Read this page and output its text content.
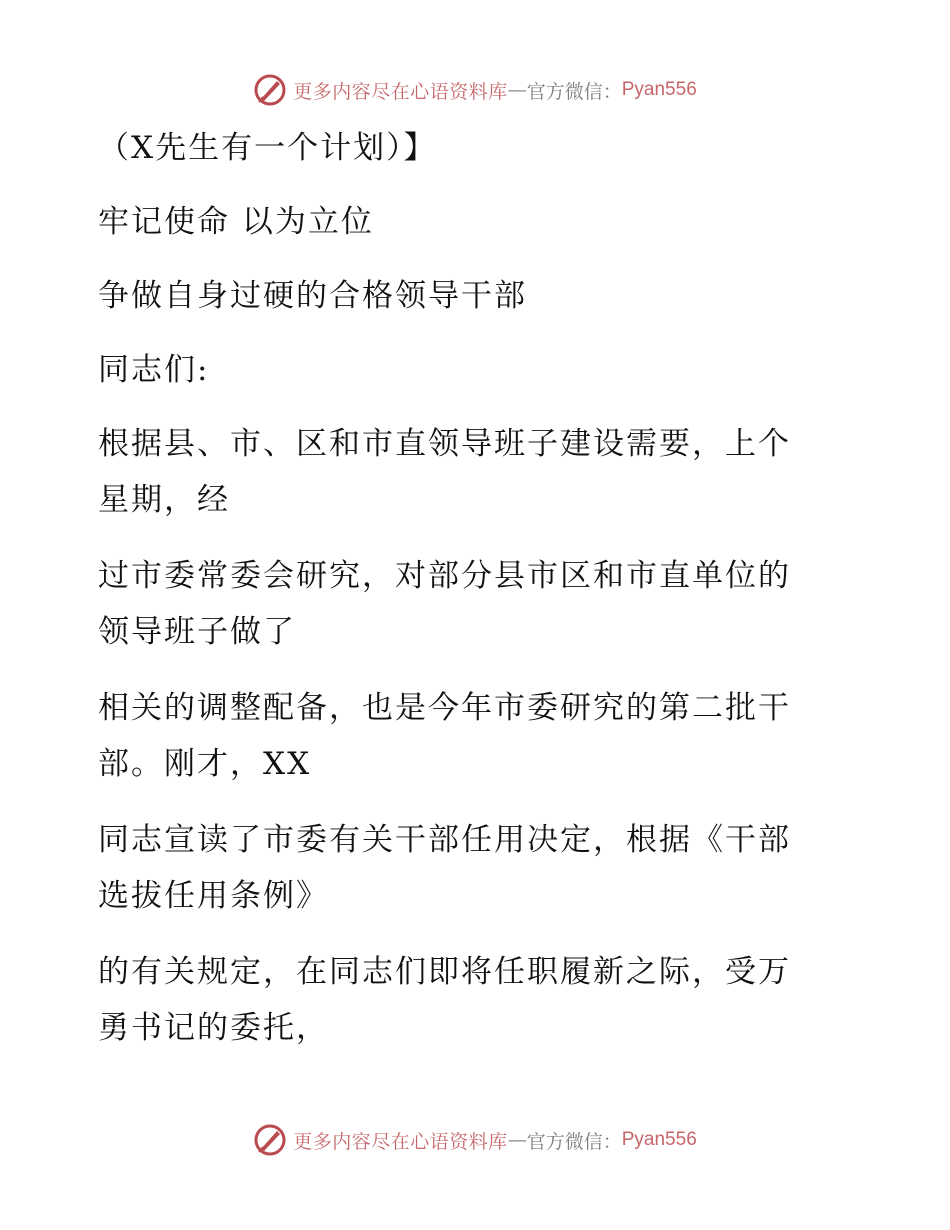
更多内容尽在心语资料库 — 官方微信： Pyan556
（X先生有一个计划）】
牢记使命 以为立位
争做自身过硬的合格领导干部
同志们:
根据县、市、区和市直领导班子建设需要，上个
星期，经
过市委常委会研究，对部分县市区和市直单位的
领导班子做了
相关的调整配备，也是今年市委研究的第二批干
部。刚才，XX
同志宣读了市委有关干部任用决定，根据《干部
选拔任用条例》
的有关规定，在同志们即将任职履新之际，受万
勇书记的委托，
更多内容尽在心语资料库 — 官方微信： Pyan556
